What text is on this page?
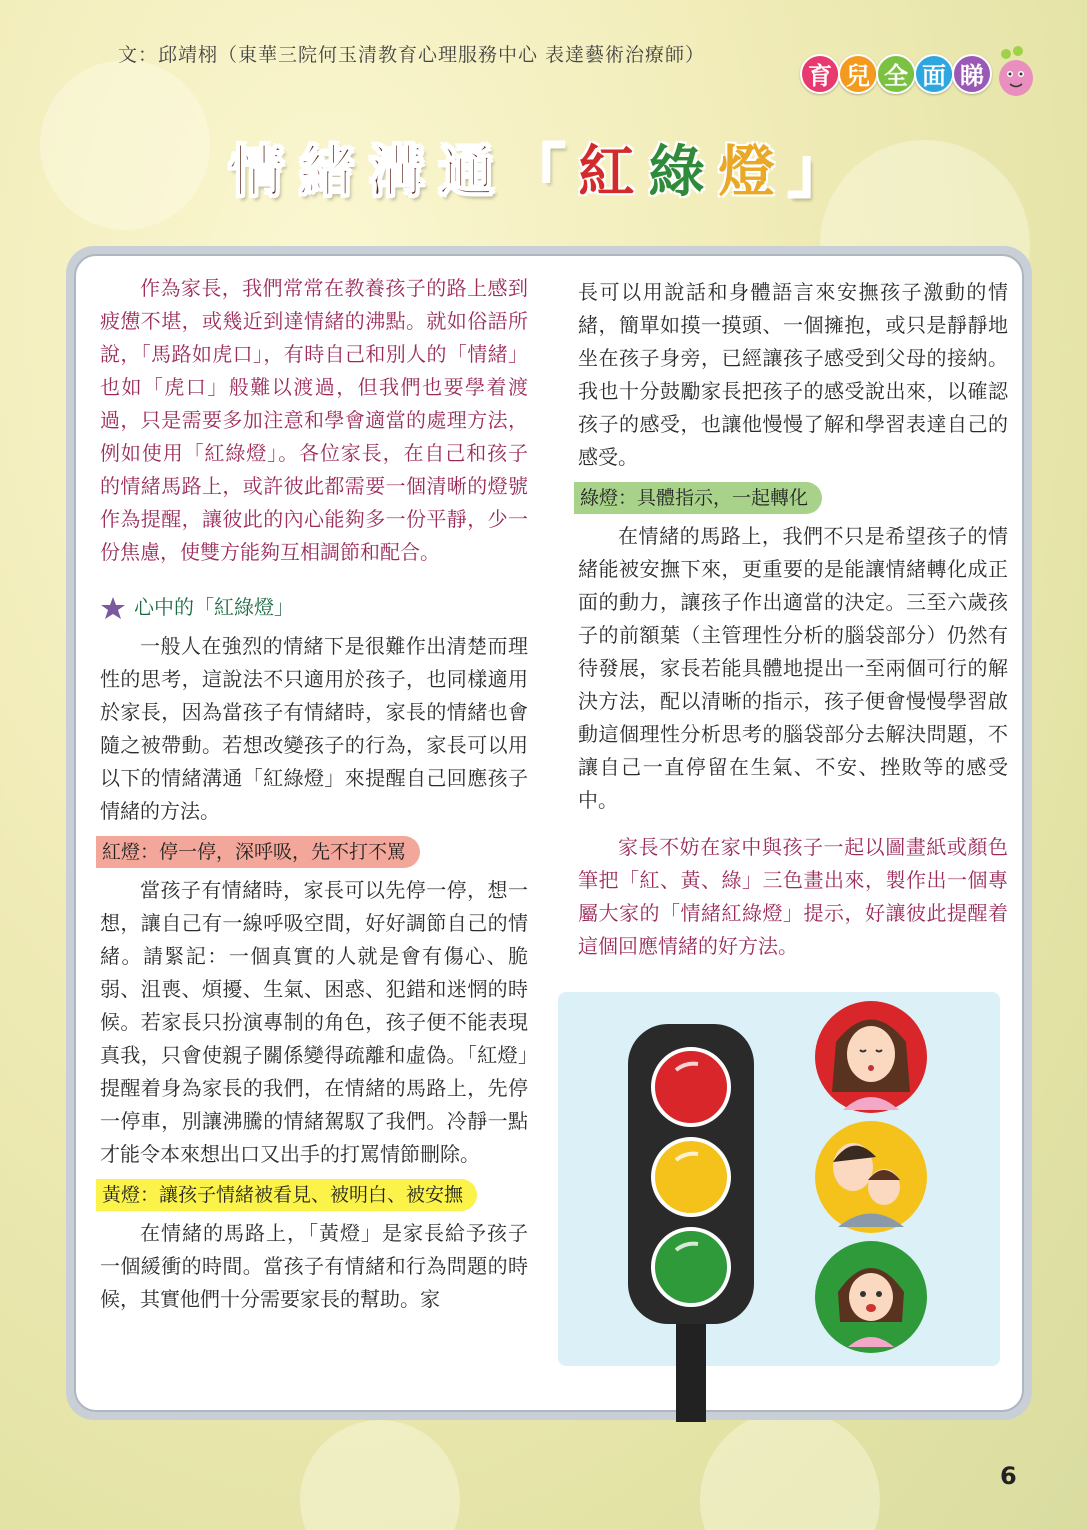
文：邱靖栩（東華三院何玉清教育心理服務中心 表達藝術治療師）
育 兒 全 面 睇
情緒溝通「紅綠燈」

作為家長，我們常常在教養孩子的路上感到疲憊不堪，或幾近到達情緒的沸點。就如俗語所說，「馬路如虎口」，有時自己和別人的「情緒」也如「虎口」般難以渡過，但我們也要學着渡過，只是需要多加注意和學會適當的處理方法，例如使用「紅綠燈」。各位家長，在自己和孩子的情緒馬路上，或許彼此都需要一個清晰的燈號作為提醒，讓彼此的內心能夠多一份平靜，少一份焦慮，使雙方能夠互相調節和配合。

心中的「紅綠燈」

一般人在強烈的情緒下是很難作出清楚而理性的思考，這說法不只適用於孩子，也同樣適用於家長，因為當孩子有情緒時，家長的情緒也會隨之被帶動。若想改變孩子的行為，家長可以用以下的情緒溝通「紅綠燈」來提醒自己回應孩子情緒的方法。

紅燈：停一停，深呼吸，先不打不罵

當孩子有情緒時，家長可以先停一停，想一想，讓自己有一線呼吸空間，好好調節自己的情緒。請緊記：一個真實的人就是會有傷心、脆弱、沮喪、煩擾、生氣、困惑、犯錯和迷惘的時候。若家長只扮演專制的角色，孩子便不能表現真我，只會使親子關係變得疏離和虛偽。「紅燈」提醒着身為家長的我們，在情緒的馬路上，先停一停車，別讓沸騰的情緒駕馭了我們。冷靜一點才能令本來想出口又出手的打罵情節刪除。

黃燈：讓孩子情緒被看見、被明白、被安撫

在情緒的馬路上，「黃燈」是家長給予孩子一個緩衝的時間。當孩子有情緒和行為問題的時候，其實他們十分需要家長的幫助。家

長可以用說話和身體語言來安撫孩子激動的情緒，簡單如摸一摸頭、一個擁抱，或只是靜靜地坐在孩子身旁，已經讓孩子感受到父母的接納。我也十分鼓勵家長把孩子的感受說出來，以確認孩子的感受，也讓他慢慢了解和學習表達自己的感受。

綠燈：具體指示，一起轉化

在情緒的馬路上，我們不只是希望孩子的情緒能被安撫下來，更重要的是能讓情緒轉化成正面的動力，讓孩子作出適當的決定。三至六歲孩子的前額葉（主管理性分析的腦袋部分）仍然有待發展，家長若能具體地提出一至兩個可行的解決方法，配以清晰的指示，孩子便會慢慢學習啟動這個理性分析思考的腦袋部分去解決問題，不讓自己一直停留在生氣、不安、挫敗等的感受中。

家長不妨在家中與孩子一起以圖畫紙或顏色筆把「紅、黃、綠」三色畫出來，製作出一個專屬大家的「情緒紅綠燈」提示，好讓彼此提醒着這個回應情緒的好方法。

6
